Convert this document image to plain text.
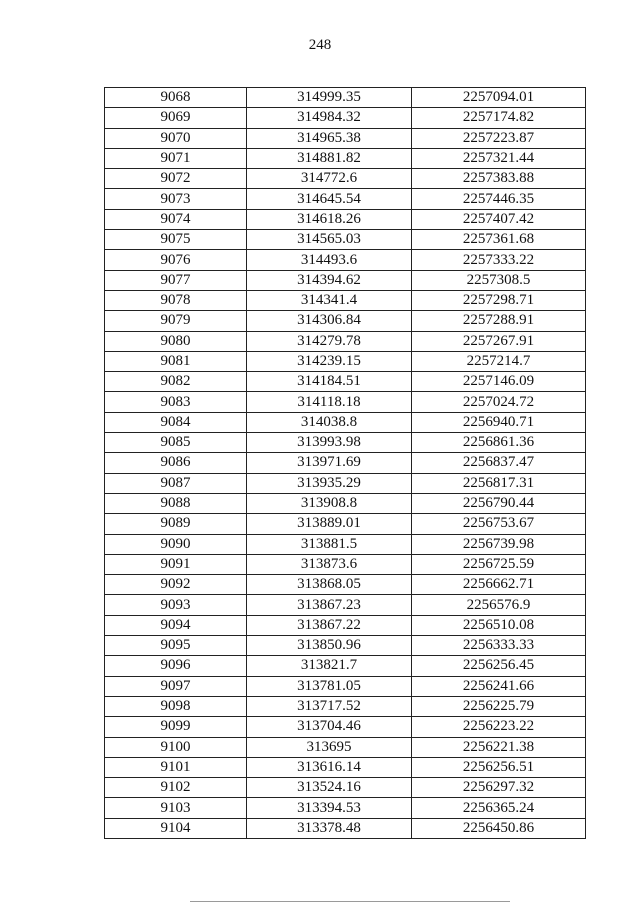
248
9068	314999.35	2257094.01
9069	314984.32	2257174.82
9070	314965.38	2257223.87
9071	314881.82	2257321.44
9072	314772.6	2257383.88
9073	314645.54	2257446.35
9074	314618.26	2257407.42
9075	314565.03	2257361.68
9076	314493.6	2257333.22
9077	314394.62	2257308.5
9078	314341.4	2257298.71
9079	314306.84	2257288.91
9080	314279.78	2257267.91
9081	314239.15	2257214.7
9082	314184.51	2257146.09
9083	314118.18	2257024.72
9084	314038.8	2256940.71
9085	313993.98	2256861.36
9086	313971.69	2256837.47
9087	313935.29	2256817.31
9088	313908.8	2256790.44
9089	313889.01	2256753.67
9090	313881.5	2256739.98
9091	313873.6	2256725.59
9092	313868.05	2256662.71
9093	313867.23	2256576.9
9094	313867.22	2256510.08
9095	313850.96	2256333.33
9096	313821.7	2256256.45
9097	313781.05	2256241.66
9098	313717.52	2256225.79
9099	313704.46	2256223.22
9100	313695	2256221.38
9101	313616.14	2256256.51
9102	313524.16	2256297.32
9103	313394.53	2256365.24
9104	313378.48	2256450.86
